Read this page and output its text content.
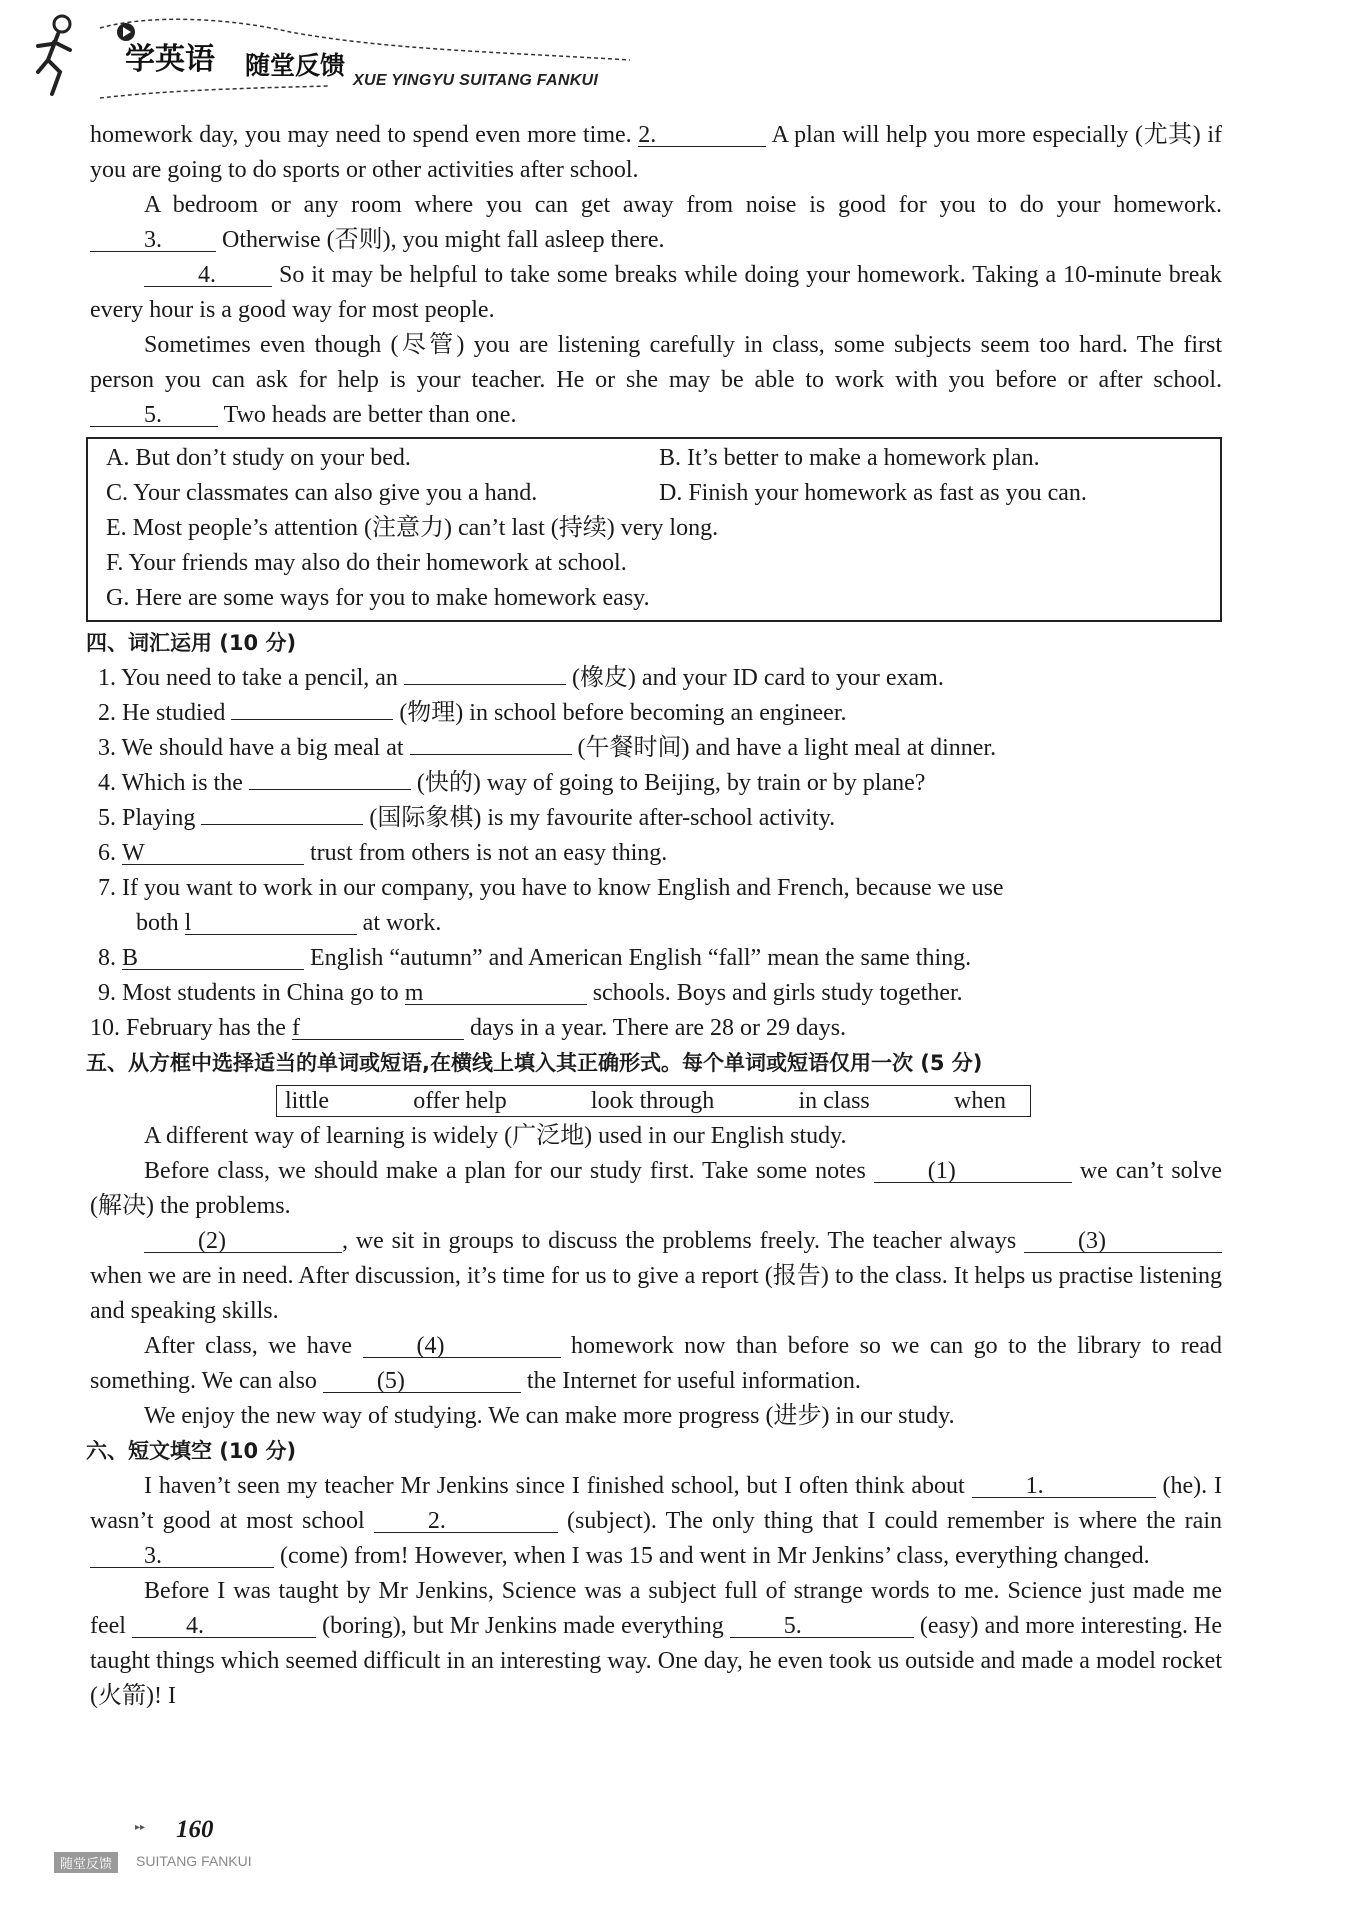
学英语 随堂反馈
XUE YINGYU SUITANG FANKUI

homework day, you may need to spend even more time. 2.	A plan will help you more especially (尤其) if you are going to do sports or other activities after school.

A bedroom or any room where you can get away from noise is good for you to do your homework. 3.	Otherwise (否则), you might fall asleep there.

4.	So it may be helpful to take some breaks while doing your homework. Taking a 10-minute break every hour is a good way for most people.

Sometimes even though (尽管) you are listening carefully in class, some subjects seem too hard. The first person you can ask for help is your teacher. He or she may be able to work with you before or after school. 5.	Two heads are better than one.

A. But don’t study on your bed.	B. It’s better to make a homework plan.
C. Your classmates can also give you a hand.	D. Finish your homework as fast as you can.
E. Most people’s attention (注意力) can’t last (持续) very long.
F. Your friends may also do their homework at school.
G. Here are some ways for you to make homework easy.
四、词汇运用 (10 分)
1. You need to take a pencil, an	(橡皮) and your ID card to your exam.
2. He studied	(物理) in school before becoming an engineer.
3. We should have a big meal at	(午餐时间) and have a light meal at dinner.
4. Which is the	(快的) way of going to Beijing, by train or by plane?
5. Playing	(国际象棋) is my favourite after-school activity.
6. W	trust from others is not an easy thing.
7. If you want to work in our company, you have to know English and French, because we use
both l	at work.
8. B	English “autumn” and American English “fall” mean the same thing.
9. Most students in China go to m	schools. Boys and girls study together.
10. February has the f	days in a year. There are 28 or 29 days.
五、从方框中选择适当的单词或短语,在横线上填入其正确形式。每个单词或短语仅用一次 (5 分)
little	offer help	look through	in class	when

A different way of learning is widely (广泛地) used in our English study.

Before class, we should make a plan for our study first. Take some notes	(1)	we can’t solve (解决) the problems.

(2)	, we sit in groups to discuss the problems freely. The teacher always	(3) when we are in need. After discussion, it’s time for us to give a report (报告) to the class. It helps us practise listening and speaking skills.

After class, we have	(4)	homework now than before so we can go to the library to read something. We can also	(5)	the Internet for useful information.

We enjoy the new way of studying. We can make more progress (进步) in our study.

六、短文填空 (10 分)

I haven’t seen my teacher Mr Jenkins since I finished school, but I often think about	1.	(he). I wasn’t good at most school	2.	(subject). The only thing that I could remember is where the rain 3.	(come) from! However, when I was 15 and went in Mr Jenkins’ class, everything changed.

Before I was taught by Mr Jenkins, Science was a subject full of strange words to me. Science just made me feel	4.	(boring), but Mr Jenkins made everything	5.	(easy) and more interesting. He taught things which seemed difficult in an interesting way. One day, he even took us outside and made a model rocket (火箭)! I

▸▸ 160
随堂反馈	SUITANG FANKUI
